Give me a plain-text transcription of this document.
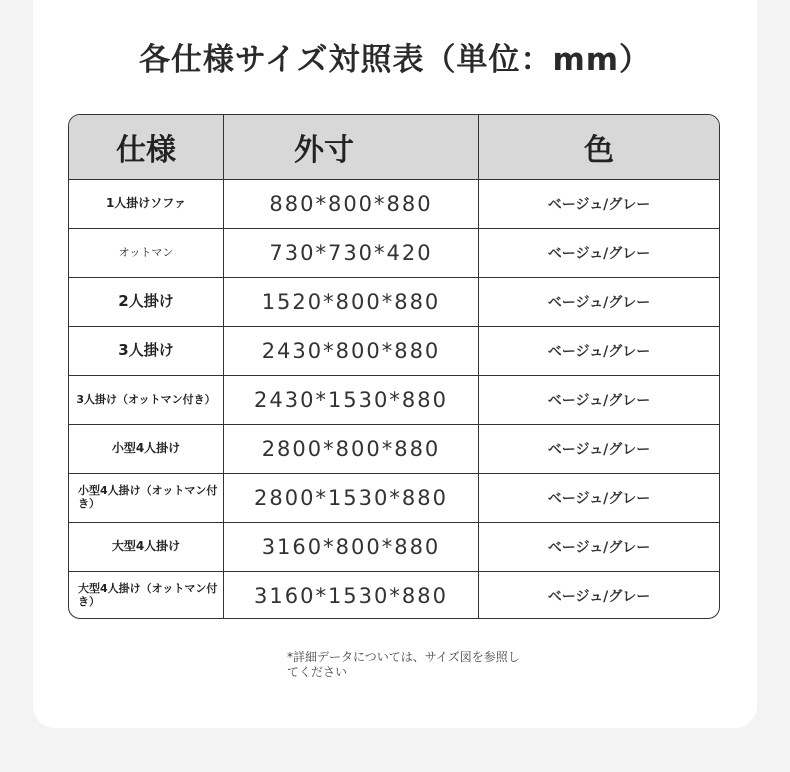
各仕様サイズ対照表（単位：mm）
仕様	外寸	色
1人掛けソファ	880*800*880	ベージュ/グレー
オットマン	730*730*420	ベージュ/グレー
2人掛け	1520*800*880	ベージュ/グレー
3人掛け	2430*800*880	ベージュ/グレー
3人掛け（オットマン付き）	2430*1530*880	ベージュ/グレー
小型4人掛け	2800*800*880	ベージュ/グレー
小型4人掛け（オットマン付き）	2800*1530*880	ベージュ/グレー
大型4人掛け	3160*800*880	ベージュ/グレー
大型4人掛け（オットマン付き）	3160*1530*880	ベージュ/グレー
*詳細データについては、サイズ図を参照してください
